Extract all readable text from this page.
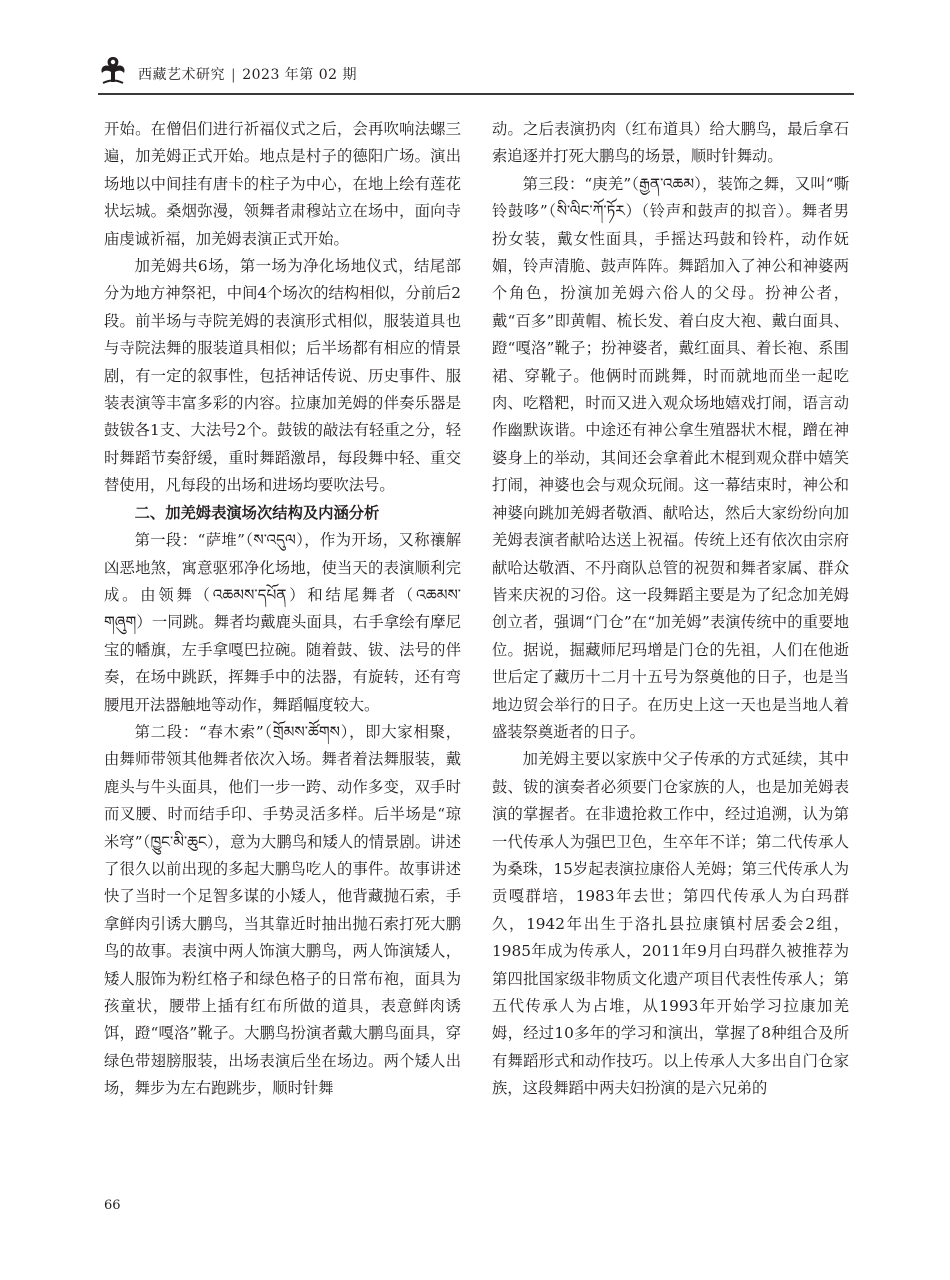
西藏艺术研究 | 2023 年第 02 期

开始。在僧侣们进行祈福仪式之后，会再吹响法螺三遍，加羌姆正式开始。地点是村子的德阳广场。演出场地以中间挂有唐卡的柱子为中心，在地上绘有莲花状坛城。桑烟弥漫，领舞者肃穆站立在场中，面向寺庙虔诚祈福，加羌姆表演正式开始。

加羌姆共6场，第一场为净化场地仪式，结尾部分为地方神祭祀，中间4个场次的结构相似，分前后2段。前半场与寺院羌姆的表演形式相似，服装道具也与寺院法舞的服装道具相似；后半场都有相应的情景剧，有一定的叙事性，包括神话传说、历史事件、服装表演等丰富多彩的内容。拉康加羌姆的伴奏乐器是鼓钹各1支、大法号2个。鼓钹的敲法有轻重之分，轻时舞蹈节奏舒缓，重时舞蹈激昂，每段舞中轻、重交替使用，凡每段的出场和进场均要吹法号。

二、加羌姆表演场次结构及内涵分析

第一段：“萨堆”（ས་འདུལ），作为开场，又称禳解凶恶地煞，寓意驱邪净化场地，使当天的表演顺利完成。由领舞（འཆམས་དཔོན）和结尾舞者（འཆམས་གཞུག）一同跳。舞者均戴鹿头面具，右手拿绘有摩尼宝的幡旗，左手拿嘎巴拉碗。随着鼓、钹、法号的伴奏，在场中跳跃，挥舞手中的法器，有旋转，还有弯腰甩开法器触地等动作，舞蹈幅度较大。

第二段：“春木索”（གྲོམས་ཚོགས），即大家相聚，由舞师带领其他舞者依次入场。舞者着法舞服装，戴鹿头与牛头面具，他们一步一跨、动作多变，双手时而叉腰、时而结手印、手势灵活多样。后半场是“琼米穹”（ཁྱུང་མི་ཆུང），意为大鹏鸟和矮人的情景剧。讲述了很久以前出现的多起大鹏鸟吃人的事件。故事讲述快了当时一个足智多谋的小矮人，他背藏抛石索，手拿鲜肉引诱大鹏鸟，当其靠近时抽出抛石索打死大鹏鸟的故事。表演中两人饰演大鹏鸟，两人饰演矮人，矮人服饰为粉红格子和绿色格子的日常布袍，面具为孩童状，腰带上插有红布所做的道具，表意鲜肉诱饵，蹬“嘎洛”靴子。大鹏鸟扮演者戴大鹏鸟面具，穿绿色带翅膀服装，出场表演后坐在场边。两个矮人出场，舞步为左右跑跳步，顺时针舞

动。之后表演扔肉（红布道具）给大鹏鸟，最后拿石索追逐并打死大鹏鸟的场景，顺时针舞动。

第三段：“庚羌”（རྒྱན་འཆམ），装饰之舞，又叫“嘶铃鼓哆”（སི་ལིང་ཀོ་ཏོར）（铃声和鼓声的拟音）。舞者男扮女装，戴女性面具，手摇达玛鼓和铃杵，动作妩媚，铃声清脆、鼓声阵阵。舞蹈加入了神公和神婆两个角色，扮演加羌姆六俗人的父母。扮神公者，戴“百多”即黄帽、梳长发、着白皮大袍、戴白面具、蹬“嘎洛”靴子；扮神婆者，戴红面具、着长袍、系围裙、穿靴子。他俩时而跳舞，时而就地而坐一起吃肉、吃糌粑，时而又进入观众场地嬉戏打闹，语言动作幽默诙谐。中途还有神公拿生殖器状木棍，蹭在神婆身上的举动，其间还会拿着此木棍到观众群中嬉笑打闹，神婆也会与观众玩闹。这一幕结束时，神公和神婆向跳加羌姆者敬酒、献哈达，然后大家纷纷向加羌姆表演者献哈达送上祝福。传统上还有依次由宗府献哈达敬酒、不丹商队总管的祝贺和舞者家属、群众皆来庆祝的习俗。这一段舞蹈主要是为了纪念加羌姆创立者，强调“门仓”在“加羌姆”表演传统中的重要地位。据说，掘藏师尼玛增是门仓的先祖，人们在他逝世后定了藏历十二月十五号为祭奠他的日子，也是当地边贸会举行的日子。在历史上这一天也是当地人着盛装祭奠逝者的日子。

加羌姆主要以家族中父子传承的方式延续，其中鼓、钹的演奏者必须要门仓家族的人，也是加羌姆表演的掌握者。在非遗抢救工作中，经过追溯，认为第一代传承人为强巴卫色，生卒年不详；第二代传承人为桑珠，15岁起表演拉康俗人羌姆；第三代传承人为贡嘎群培，1983年去世；第四代传承人为白玛群久，1942年出生于洛扎县拉康镇村居委会2组，1985年成为传承人，2011年9月白玛群久被推荐为第四批国家级非物质文化遗产项目代表性传承人；第五代传承人为占堆，从1993年开始学习拉康加羌姆，经过10多年的学习和演出，掌握了8种组合及所有舞蹈形式和动作技巧。以上传承人大多出自门仓家族，这段舞蹈中两夫妇扮演的是六兄弟的

66
